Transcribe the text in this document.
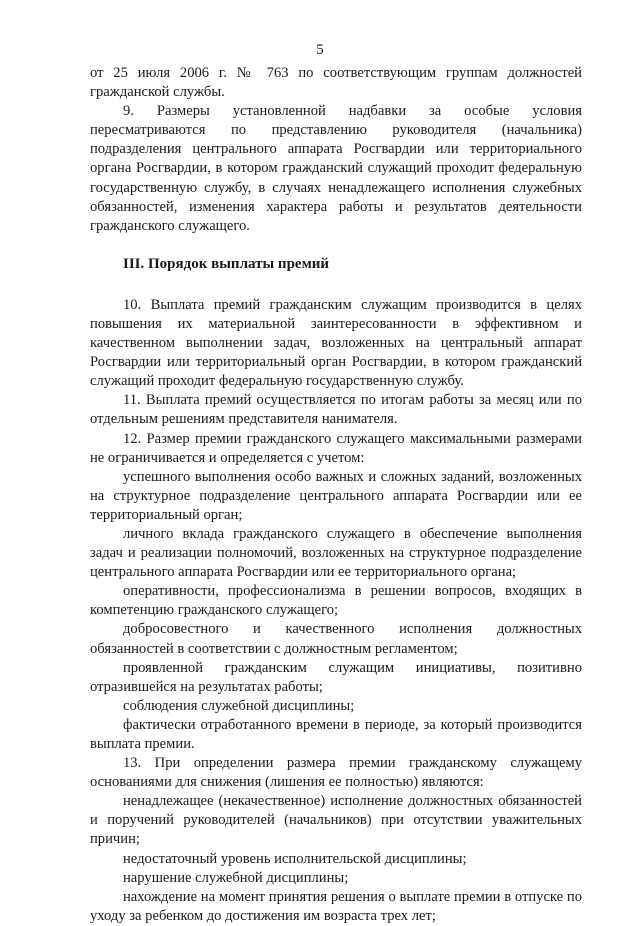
5

от 25 июля 2006 г. № 763 по соответствующим группам должностей гражданской службы.

9. Размеры установленной надбавки за особые условия пересматриваются по представлению руководителя (начальника) подразделения центрального аппарата Росгвардии или территориального органа Росгвардии, в котором гражданский служащий проходит федеральную государственную службу, в случаях ненадлежащего исполнения служебных обязанностей, изменения характера работы и результатов деятельности гражданского служащего.

III. Порядок выплаты премий

10. Выплата премий гражданским служащим производится в целях повышения их материальной заинтересованности в эффективном и качественном выполнении задач, возложенных на центральный аппарат Росгвардии или территориальный орган Росгвардии, в котором гражданский служащий проходит федеральную государственную службу.

11. Выплата премий осуществляется по итогам работы за месяц или по отдельным решениям представителя нанимателя.

12. Размер премии гражданского служащего максимальными размерами не ограничивается и определяется с учетом:

успешного выполнения особо важных и сложных заданий, возложенных на структурное подразделение центрального аппарата Росгвардии или ее территориальный орган;

личного вклада гражданского служащего в обеспечение выполнения задач и реализации полномочий, возложенных на структурное подразделение центрального аппарата Росгвардии или ее территориального органа;

оперативности, профессионализма в решении вопросов, входящих в компетенцию гражданского служащего;

добросовестного и качественного исполнения должностных обязанностей в соответствии с должностным регламентом;

проявленной гражданским служащим инициативы, позитивно отразившейся на результатах работы;

соблюдения служебной дисциплины;

фактически отработанного времени в периоде, за который производится выплата премии.

13. При определении размера премии гражданскому служащему основаниями для снижения (лишения ее полностью) являются:

ненадлежащее (некачественное) исполнение должностных обязанностей и поручений руководителей (начальников) при отсутствии уважительных причин;

недостаточный уровень исполнительской дисциплины;

нарушение служебной дисциплины;

нахождение на момент принятия решения о выплате премии в отпуске по уходу за ребенком до достижения им возраста трех лет;
